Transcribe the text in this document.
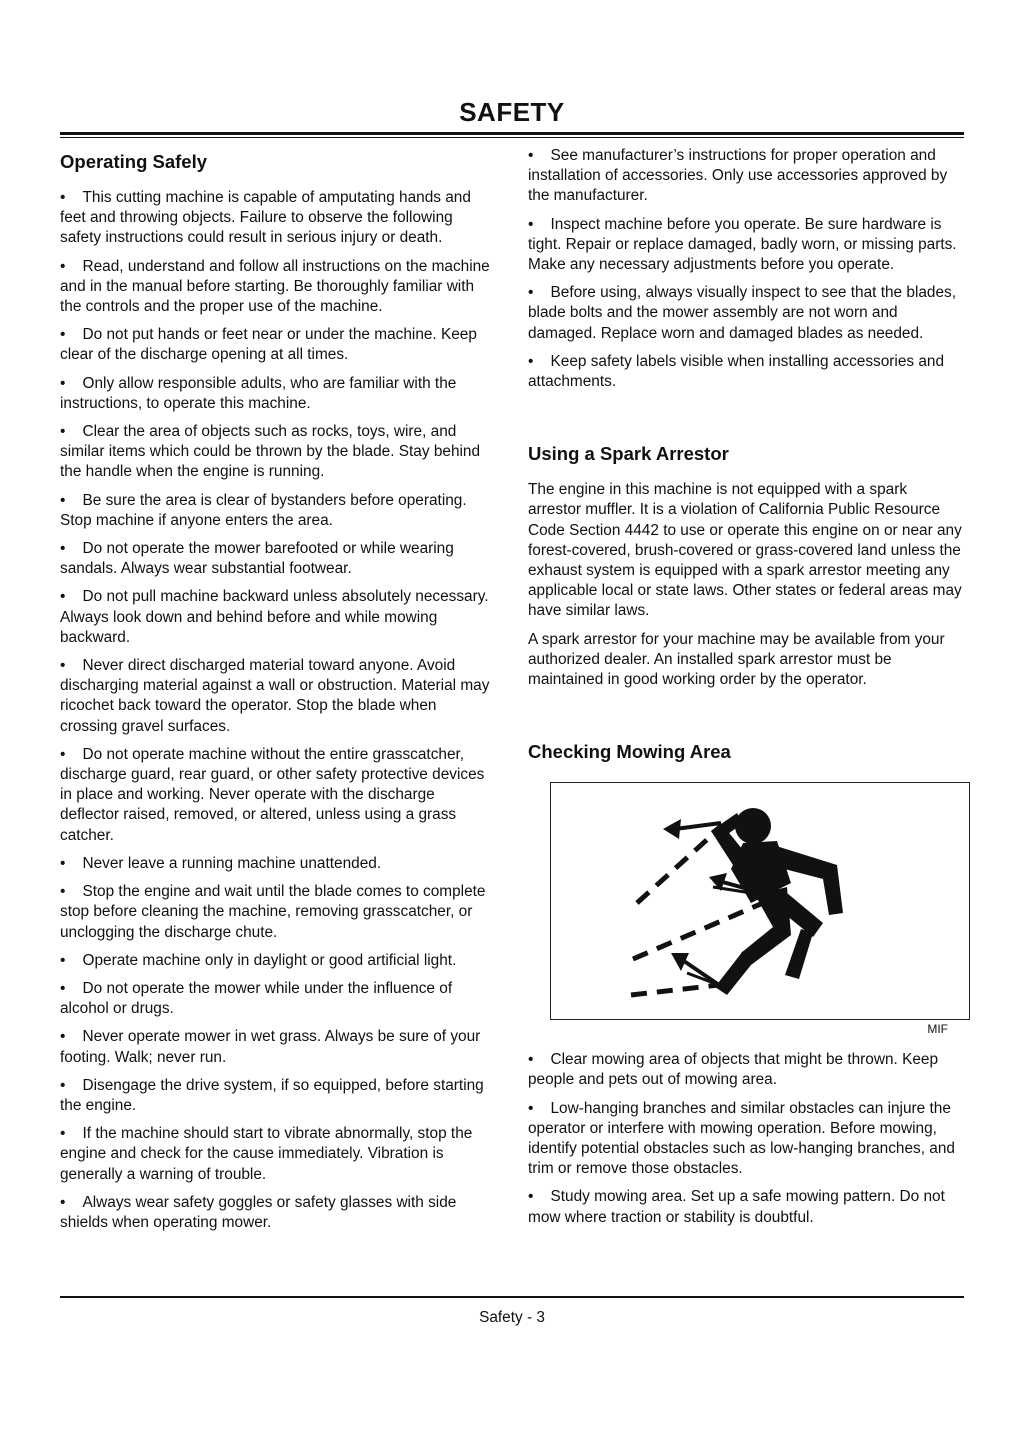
SAFETY
Operating Safely

•    This cutting machine is capable of amputating hands and feet and throwing objects. Failure to observe the following safety instructions could result in serious injury or death.

•    Read, understand and follow all instructions on the machine and in the manual before starting. Be thoroughly familiar with the controls and the proper use of the machine.

•    Do not put hands or feet near or under the machine. Keep clear of the discharge opening at all times.

•    Only allow responsible adults, who are familiar with the instructions, to operate this machine.

•    Clear the area of objects such as rocks, toys, wire, and similar items which could be thrown by the blade. Stay behind the handle when the engine is running.

•    Be sure the area is clear of bystanders before operating. Stop machine if anyone enters the area.

•    Do not operate the mower barefooted or while wearing sandals. Always wear substantial footwear.

•    Do not pull machine backward unless absolutely necessary. Always look down and behind before and while mowing backward.

•    Never direct discharged material toward anyone. Avoid discharging material against a wall or obstruction. Material may ricochet back toward the operator. Stop the blade when crossing gravel surfaces.

•    Do not operate machine without the entire grasscatcher, discharge guard, rear guard, or other safety protective devices in place and working. Never operate with the discharge deflector raised, removed, or altered, unless using a grass catcher.

•    Never leave a running machine unattended.

•    Stop the engine and wait until the blade comes to complete stop before cleaning the machine, removing grasscatcher, or unclogging the discharge chute.

•    Operate machine only in daylight or good artificial light.

•    Do not operate the mower while under the influence of alcohol or drugs.

•    Never operate mower in wet grass. Always be sure of your footing. Walk; never run.

•    Disengage the drive system, if so equipped, before starting the engine.

•    If the machine should start to vibrate abnormally, stop the engine and check for the cause immediately. Vibration is generally a warning of trouble.

•    Always wear safety goggles or safety glasses with side shields when operating mower.

•    See manufacturer’s instructions for proper operation and installation of accessories. Only use accessories approved by the manufacturer.

•    Inspect machine before you operate. Be sure hardware is tight. Repair or replace damaged, badly worn, or missing parts. Make any necessary adjustments before you operate.

•    Before using, always visually inspect to see that the blades, blade bolts and the mower assembly are not worn and damaged. Replace worn and damaged blades as needed.

•    Keep safety labels visible when installing accessories and attachments.

Using a Spark Arrestor

The engine in this machine is not equipped with a spark arrestor muffler. It is a violation of California Public Resource Code Section 4442 to use or operate this engine on or near any forest-covered, brush-covered or grass-covered land unless the exhaust system is equipped with a spark arrestor meeting any applicable local or state laws. Other states or federal areas may have similar laws.

A spark arrestor for your machine may be available from your authorized dealer. An installed spark arrestor must be maintained in good working order by the operator.

Checking Mowing Area
MIF

•    Clear mowing area of objects that might be thrown. Keep people and pets out of mowing area.

•    Low-hanging branches and similar obstacles can injure the operator or interfere with mowing operation. Before mowing, identify potential obstacles such as low-hanging branches, and trim or remove those obstacles.

•    Study mowing area. Set up a safe mowing pattern. Do not mow where traction or stability is doubtful.

Safety - 3
